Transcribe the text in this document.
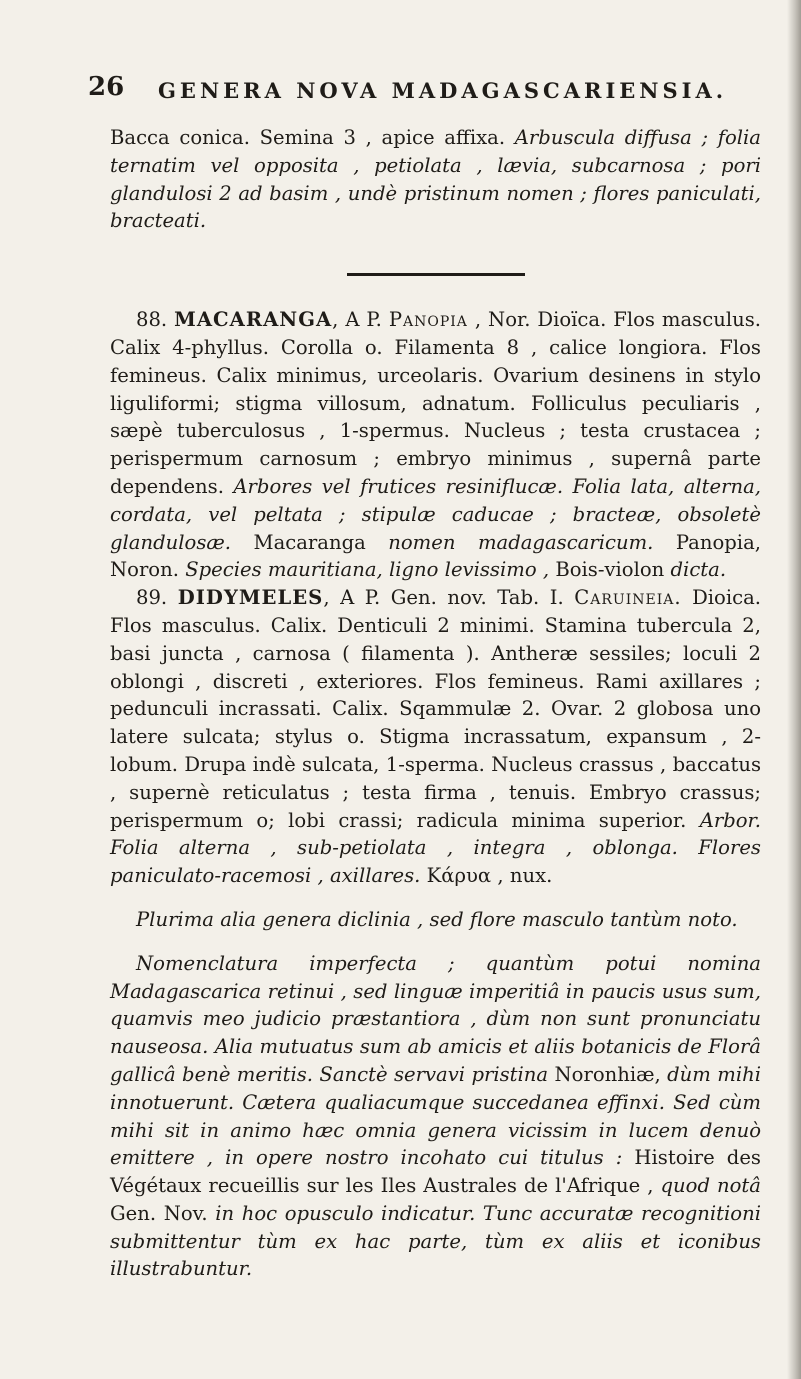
26 GENERA NOVA MADAGASCARIENSIA.

Bacca conica. Semina 3 , apice affixa. Arbuscula diffusa ; folia ternatim vel opposita , petiolata , lævia, subcarnosa ; pori glandulosi 2 ad basim , undè pristinum nomen ; flores paniculati, bracteati.

88. MACARANGA, A P. Panopia , Nor. Dioïca. Flos masculus. Calix 4-phyllus. Corolla o. Filamenta 8 , calice longiora. Flos femineus. Calix minimus, urceolaris. Ovarium desinens in stylo liguliformi; stigma villosum, adnatum. Folliculus peculiaris , sæpè tuberculosus , 1-spermus. Nucleus ; testa crustacea ; perispermum carnosum ; embryo minimus , supernâ parte dependens. Arbores vel frutices resiniflucæ. Folia lata, alterna, cordata, vel peltata ; stipulæ caducae ; bracteæ, obsoletè glandulosæ. Macaranga nomen madagascaricum. Panopia, Noron. Species mauritiana, ligno levissimo , Bois-violon dicta.

89. DIDYMELES, A P. Gen. nov. Tab. I. Caruineia. Dioica. Flos masculus. Calix. Denticuli 2 minimi. Stamina tubercula 2, basi juncta , carnosa ( filamenta ). Antheræ sessiles; loculi 2 oblongi , discreti , exteriores. Flos femineus. Rami axillares ; pedunculi incrassati. Calix. Sqammulæ 2. Ovar. 2 globosa uno latere sulcata; stylus o. Stigma incrassatum, expansum , 2-lobum. Drupa indè sulcata, 1-sperma. Nucleus crassus , baccatus , supernè reticulatus ; testa firma , tenuis. Embryo crassus; perispermum o; lobi crassi; radicula minima superior. Arbor. Folia alterna , sub-petiolata , integra , oblonga. Flores paniculato-racemosi , axillares. Κάρυα , nux.

Plurima alia genera diclinia , sed flore masculo tantùm noto.

Nomenclatura imperfecta ; quantùm potui nomina Madagascarica retinui , sed linguæ imperitiâ in paucis usus sum, quamvis meo judicio præstantiora , dùm non sunt pronunciatu nauseosa. Alia mutuatus sum ab amicis et aliis botanicis de Florâ gallicâ benè meritis. Sanctè servavi pristina Noronhiæ, dùm mihi innotuerunt. Cætera qualiacumque succedanea effinxi. Sed cùm mihi sit in animo hæc omnia genera vicissim in lucem denuò emittere , in opere nostro incohato cui titulus : Histoire des Végétaux recueillis sur les Iles Australes de l'Afrique , quod notâ Gen. Nov. in hoc opusculo indicatur. Tunc accuratæ recognitioni submittentur tùm ex hac parte, tùm ex aliis et iconibus illustrabuntur.
